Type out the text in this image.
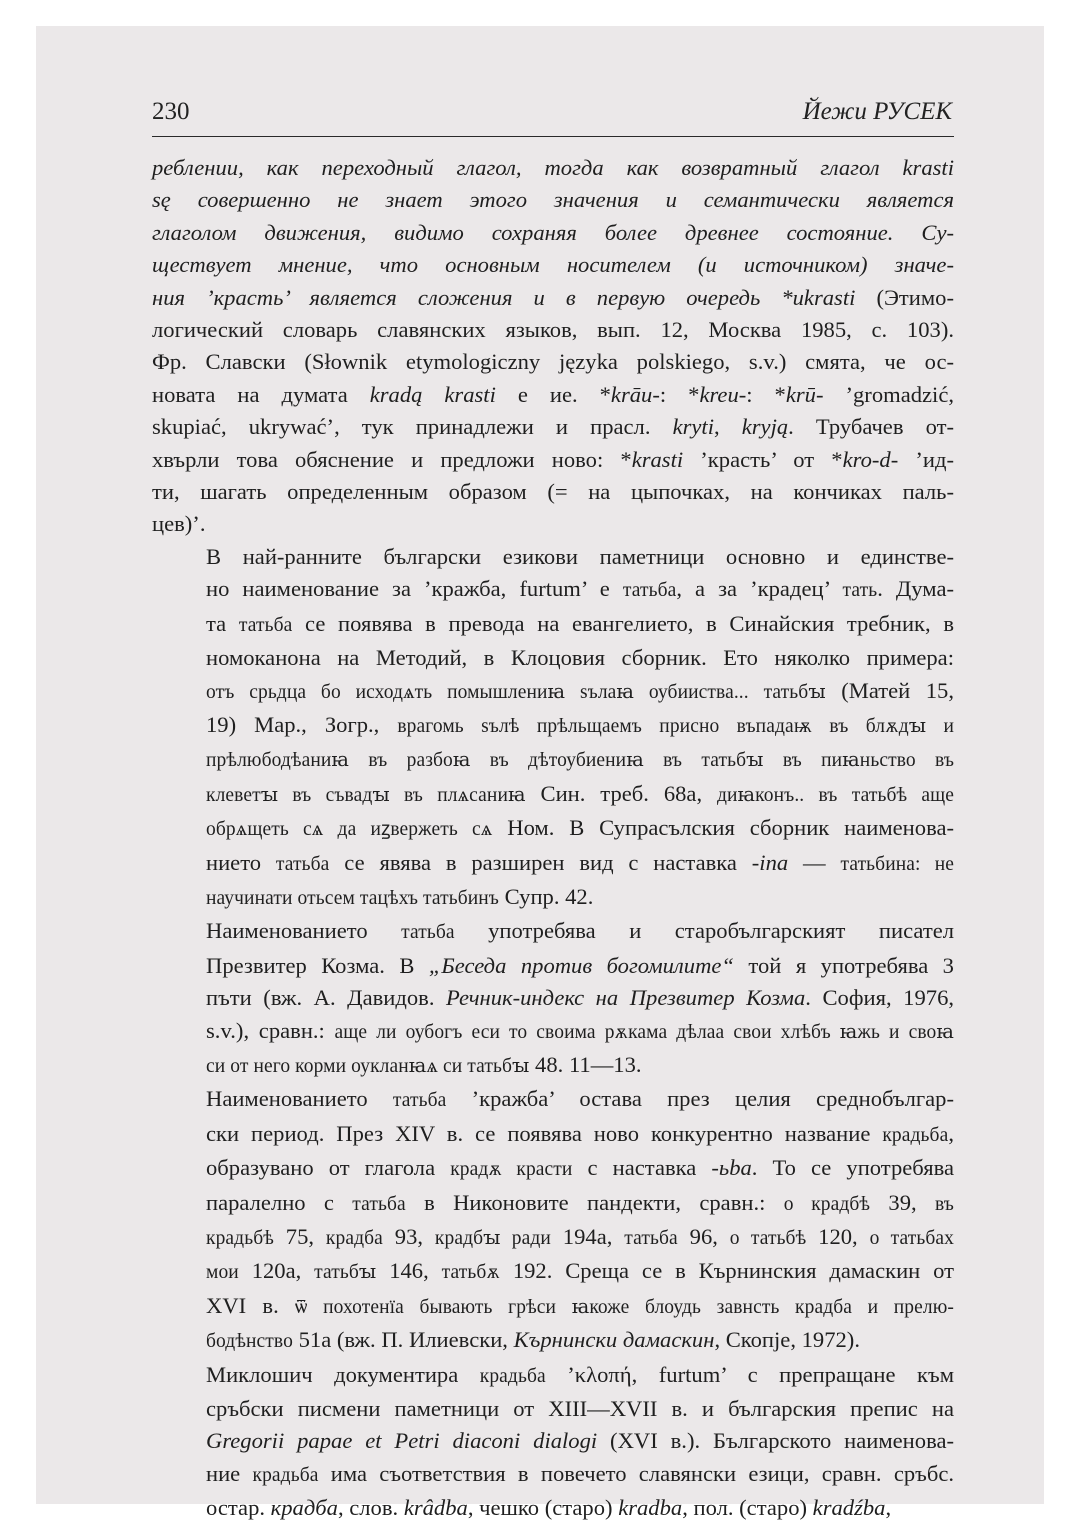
230	Йежи РУСЕК

реблении, как переходный глагол, тогда как возвратный глагол krasti
sę совершенно не знает этого значения и семантически является
глаголом движения, видимо сохраняя более древнее состояние. Су-
ществует мнение, что основным носителем (и источником) значе-
ния ’красть’ является сложения и в первую очередь *ukrasti (Этимо-
логический словарь славянских языков, вып. 12, Москва 1985, с. 103).
Фр. Славски (Słownik etymologiczny języka polskiego, s.v.) смята, че ос-
новата на думата kradą krasti е ие. *krāu-: *kreu-: *krū- ’gromadzić,
skupiać, ukrywać’, тук принадлежи и праcл. kryti, kryją. Трубачев от-
хвърли това обяснение и предложи ново: *krasti ’красть’ от *kro-d- ’ид-
ти, шагать определенным образом (= на цыпочках, на кончиках паль-
цев)’.

В най-ранните български езикови паметници основно и единстве-
но наименование за ’кражба, furtum’ е татьба, а за ’крадец’ тать. Дума-
та татьба се появява в превода на евангелието, в Синайския требник, в
номоканона на Методий, в Клоцовия сборник. Ето няколко примера:
отъ срьдца бо исходѧть помышлениꙗ ѕълаꙗ оубииства... татьбꙑ (Матей 15,
19) Мар., Зогр., врагомь ѕълѣ прѣльщаемъ присно въпадаѭ въ блѫдꙑ и
прѣлюбодѣаниꙗ въ разбоꙗ въ дѣтоубиениꙗ въ татьбꙑ въ пиꙗньство въ
клеветꙑ въ съвадꙑ въ плѧсаниꙗ Син. треб. 68а, диꙗконъ.. въ татьбѣ аще
обрѧщеть сѧ да иꙁвержеть сѧ Ном. В Супрасълския сборник наименова-
нието татьба се явява в разширен вид с наставка -ina — татьбина: не
научинати отьсем тацѣхъ татьбинъ Супр. 42.

Наименованието татьба употребява и старобългарският писател
Презвитер Козма. В „Беседа против богомилите“ той я употребява 3
пъти (вж. А. Давидов. Речник-индекс на Презвитер Козма. София, 1976,
s.v.), сравн.: аще ли оубогъ еси то своима рѫкама дѣлаа свои хлѣбъ ꙗжь и своꙗ
си от него корми оукланꙗѧ си татьбꙑ 48. 11—13.

Наименованието татьба ’кражба’ остава през целия среднобългар-
ски период. През XIV в. се появява ново конкурентно название крадьба,
образувано от глагола крадѫ красти с наставка -ьba. То се употребява
паралелно с татьба в Никоновите пандекти, сравн.: о крадбѣ 39, въ
крадьбѣ 75, крадба 93, крадбꙑ ради 194а, татьба 96, о татьбѣ 120, о татьбах
мои 120а, татьбꙑ 146, татьбѫ 192. Среща се в Кърнинския дамаскин от
XVI в. ѿ похотенїа бывають грѣси ꙗкоже блоудь завнсть крадба и прелю-
бодѣнство 51а (вж. П. Илиевски, Кърнински дамаскин, Скопје, 1972).

Миклошич документира крадьба ’κλοπή, furtum’ с препращане към
сръбски писмени паметници от XIII—XVII в. и българския препис на
Gregorii papae et Petri diaconi dialogi (XVI в.). Българското наименова-
ние крадьба има съответствия в повечето славянски езици, сравн. сръбс.
остар. крадба, слов. krâdba, чешко (старо) kradba, пол. (старо) kradźba,
